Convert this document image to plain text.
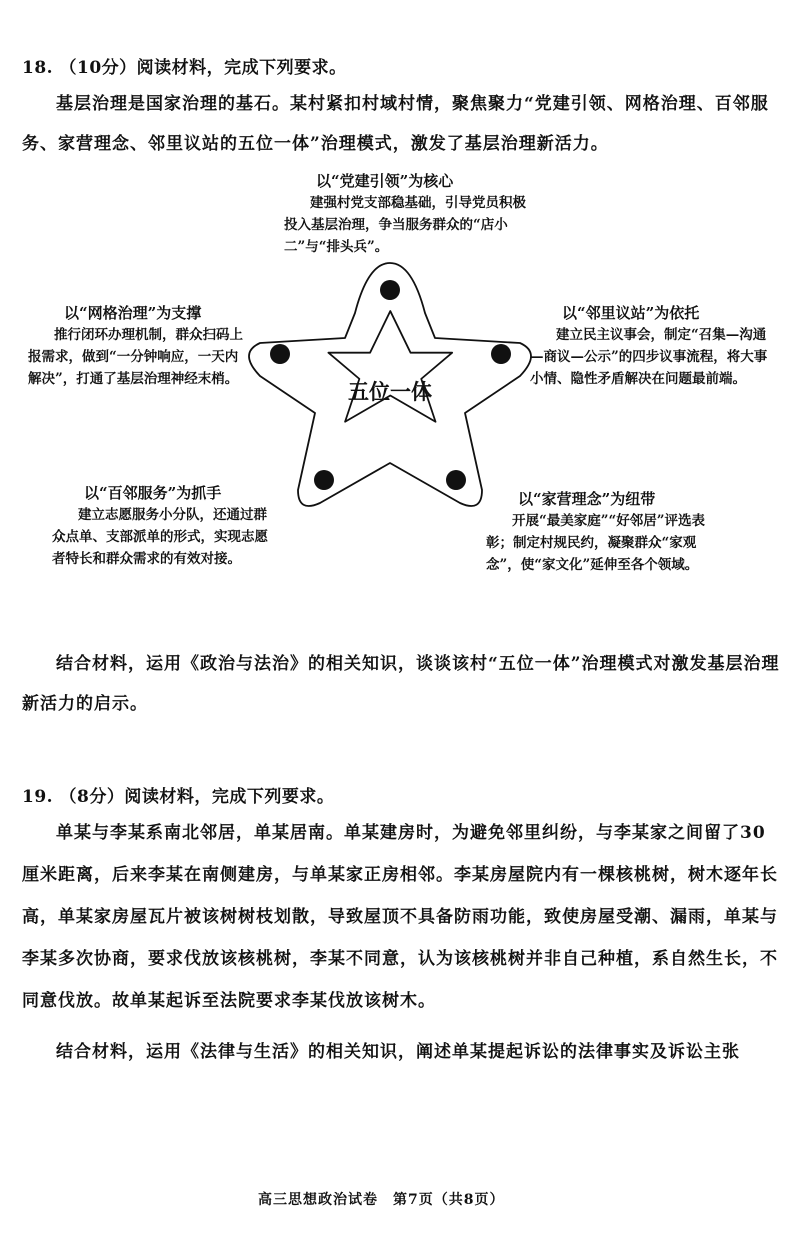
18. （10分）阅读材料，完成下列要求。

基层治理是国家治理的基石。某村紧扣村域村情，聚焦聚力“党建引领、网格治理、百邻服务、家营理念、邻里议站的五位一体”治理模式，激发了基层治理新活力。

五位一体
以“党建引领”为核心

建强村党支部稳基础，引导党员积极投入基层治理，争当服务群众的“店小二”与“排头兵”。

以“网格治理”为支撑

推行闭环办理机制，群众扫码上报需求，做到“一分钟响应，一天内解决”，打通了基层治理神经末梢。

以“邻里议站”为依托

建立民主议事会，制定“召集—沟通—商议—公示”的四步议事流程，将大事小情、隐性矛盾解决在问题最前端。

以“百邻服务”为抓手

建立志愿服务小分队，还通过群众点单、支部派单的形式，实现志愿者特长和群众需求的有效对接。

以“家营理念”为纽带

开展“最美家庭”“好邻居”评选表彰；制定村规民约，凝聚群众“家观念”，使“家文化”延伸至各个领域。

结合材料，运用《政治与法治》的相关知识，谈谈该村“五位一体”治理模式对激发基层治理新活力的启示。

19. （8分）阅读材料，完成下列要求。

单某与李某系南北邻居，单某居南。单某建房时，为避免邻里纠纷，与李某家之间留了30厘米距离，后来李某在南侧建房，与单某家正房相邻。李某房屋院内有一棵核桃树，树木逐年长高，单某家房屋瓦片被该树树枝划散，导致屋顶不具备防雨功能，致使房屋受潮、漏雨，单某与李某多次协商，要求伐放该核桃树，李某不同意，认为该核桃树并非自己种植，系自然生长，不同意伐放。故单某起诉至法院要求李某伐放该树木。

结合材料，运用《法律与生活》的相关知识，阐述单某提起诉讼的法律事实及诉讼主张

高三思想政治试卷　第7页（共8页）
